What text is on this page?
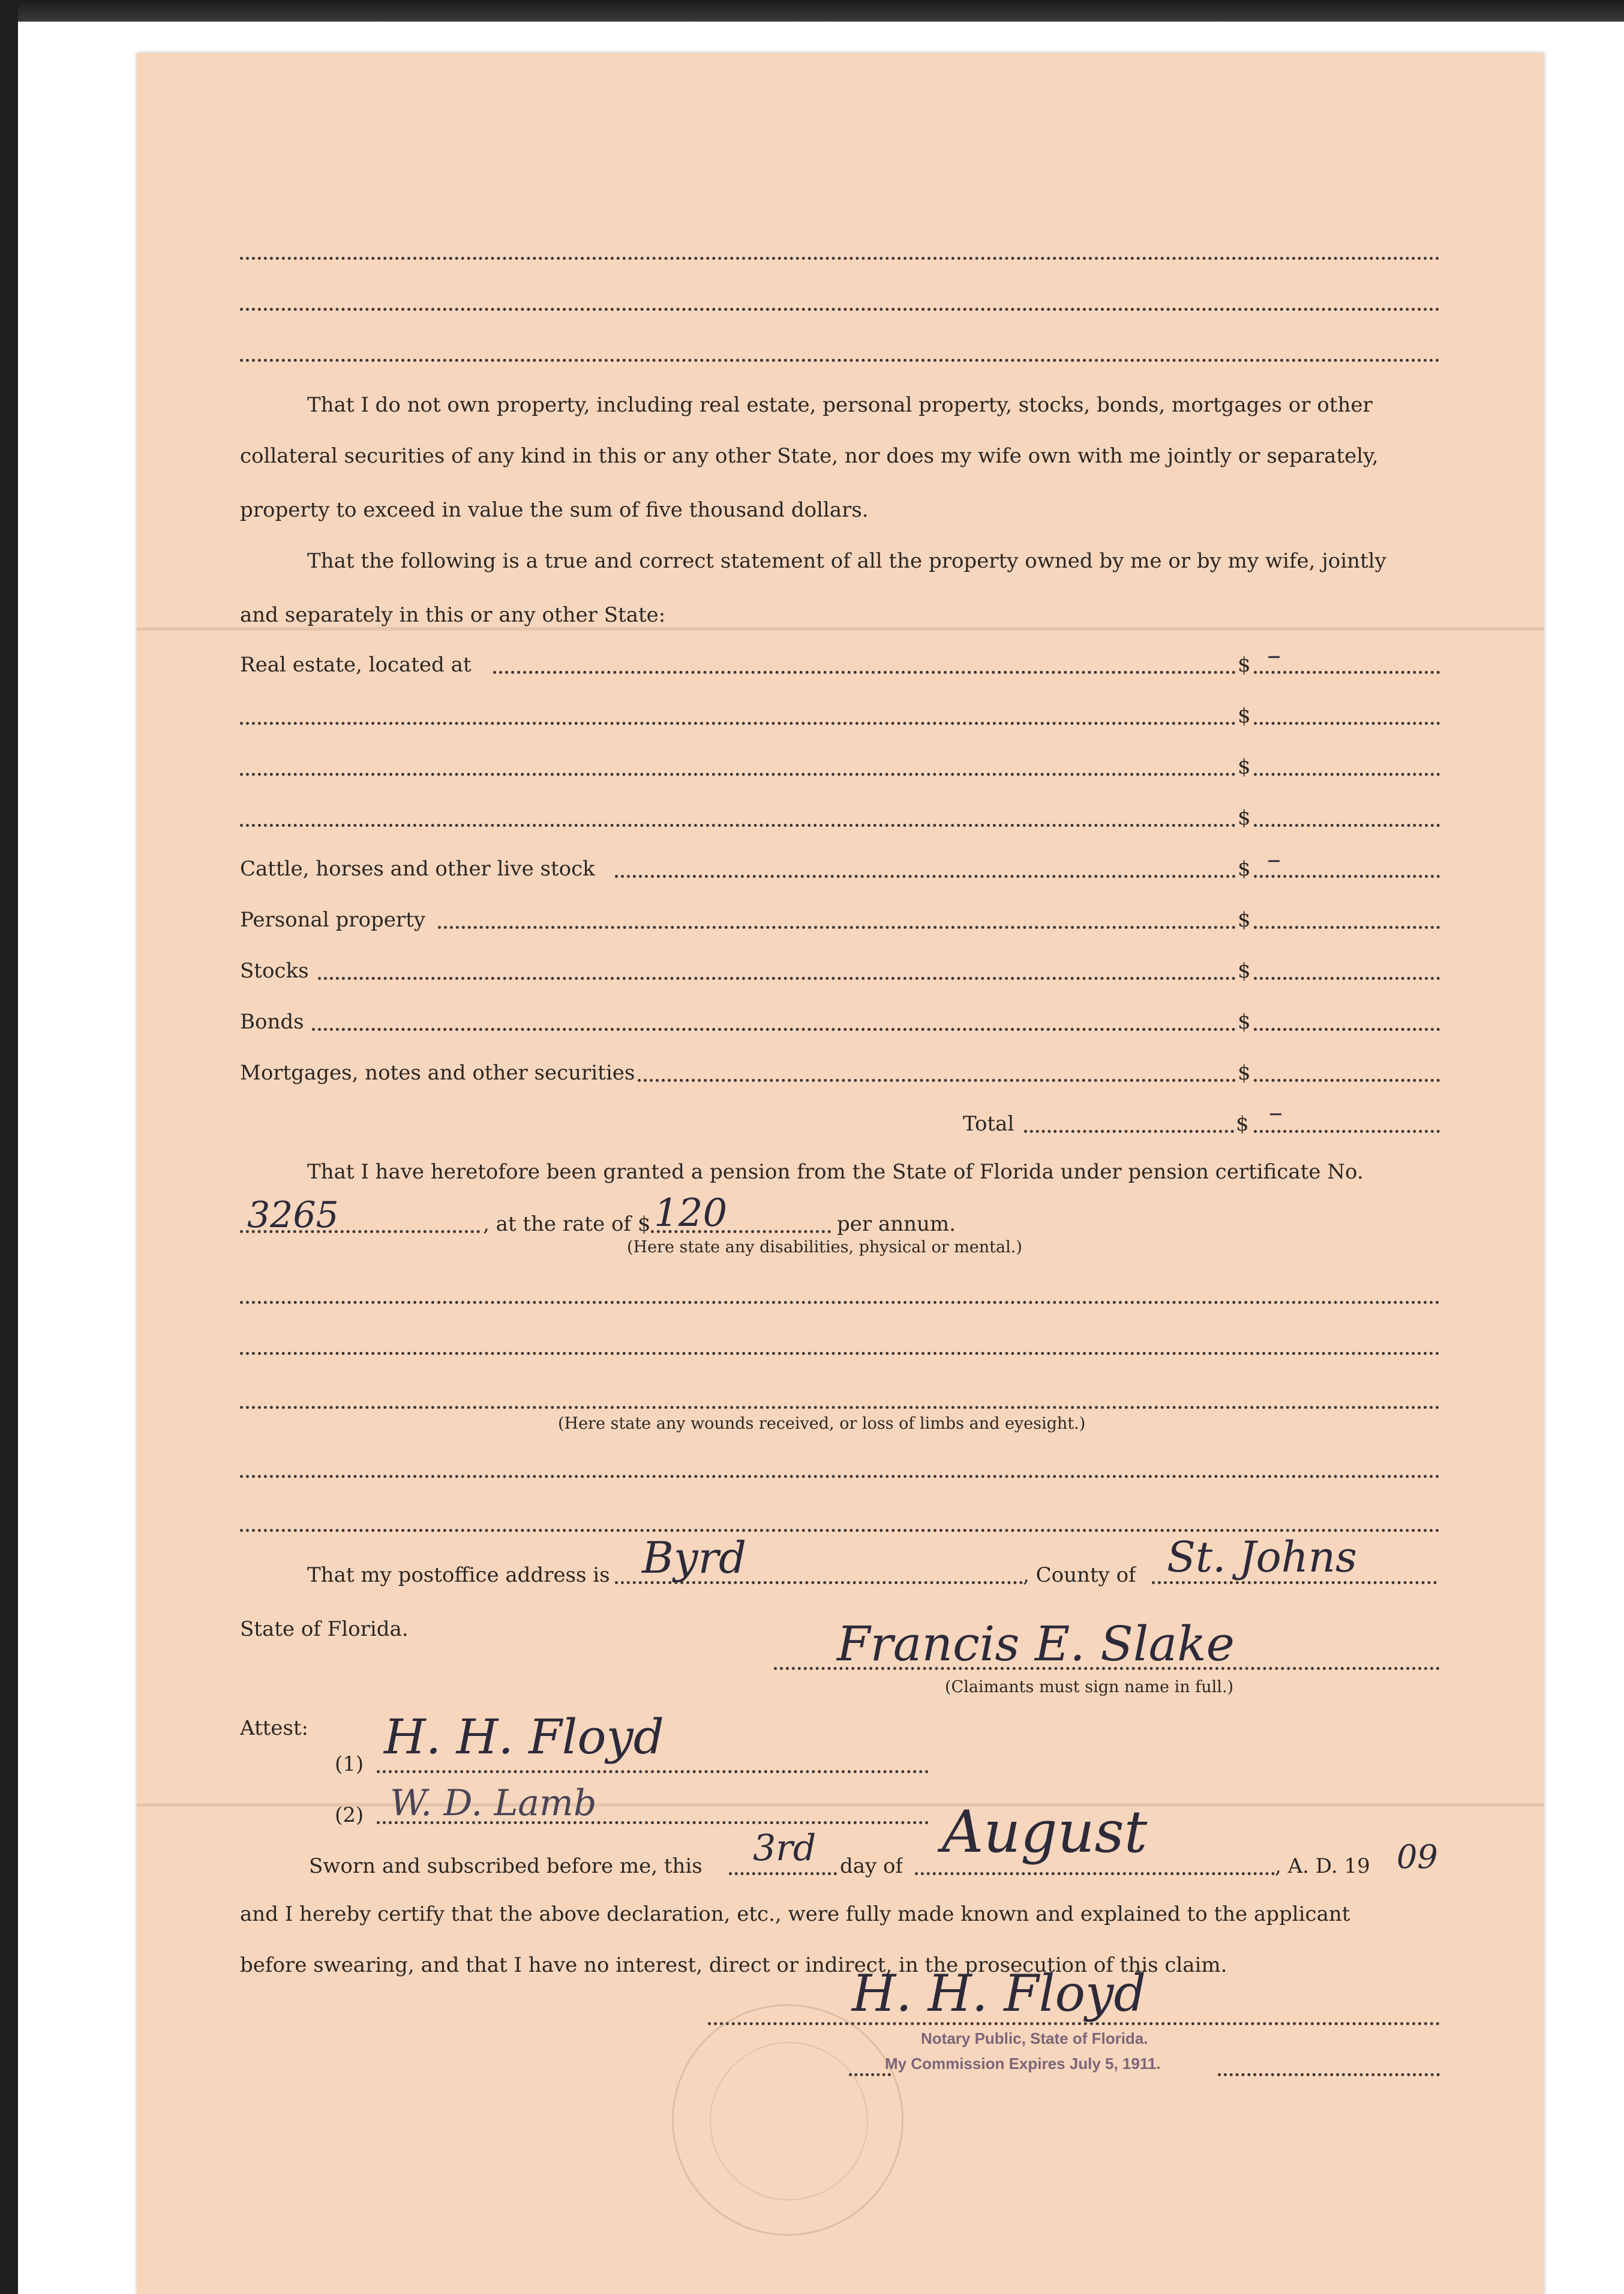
That I do not own property, including real estate, personal property, stocks, bonds, mortgages or other
collateral securities of any kind in this or any other State, nor does my wife own with me jointly or separately,
property to exceed in value the sum of five thousand dollars.
That the following is a true and correct statement of all the property owned by me or by my wife, jointly
and separately in this or any other State:
Real estate, located at	$ –
$
$
$
Cattle, horses and other live stock	$ –
Personal property	$
Stocks	$
Bonds	$
Mortgages, notes and other securities	$
Total	$ –
That I have heretofore been granted a pension from the State of Florida under pension certificate No.
3265	, at the rate of $ 120	per annum.
(Here state any disabilities, physical or mental.)
(Here state any wounds received, or loss of limbs and eyesight.)
That my postoffice address is Byrd	, County of St. Johns
State of Florida.	Francis E. Slake
(Claimants must sign name in full.)
Attest:
(1) H. H. Floyd
(2) W. D. Lamb
Sworn and subscribed before me, this 3rd day of
August
, A. D. 19 09
and I hereby certify that the above declaration, etc., were fully made known and explained to the applicant
before swearing, and that I have no interest, direct or indirect, in the prosecution of this claim.
H. H. Floyd
Notary Public, State of Florida.
My Commission Expires July 5, 1911.
